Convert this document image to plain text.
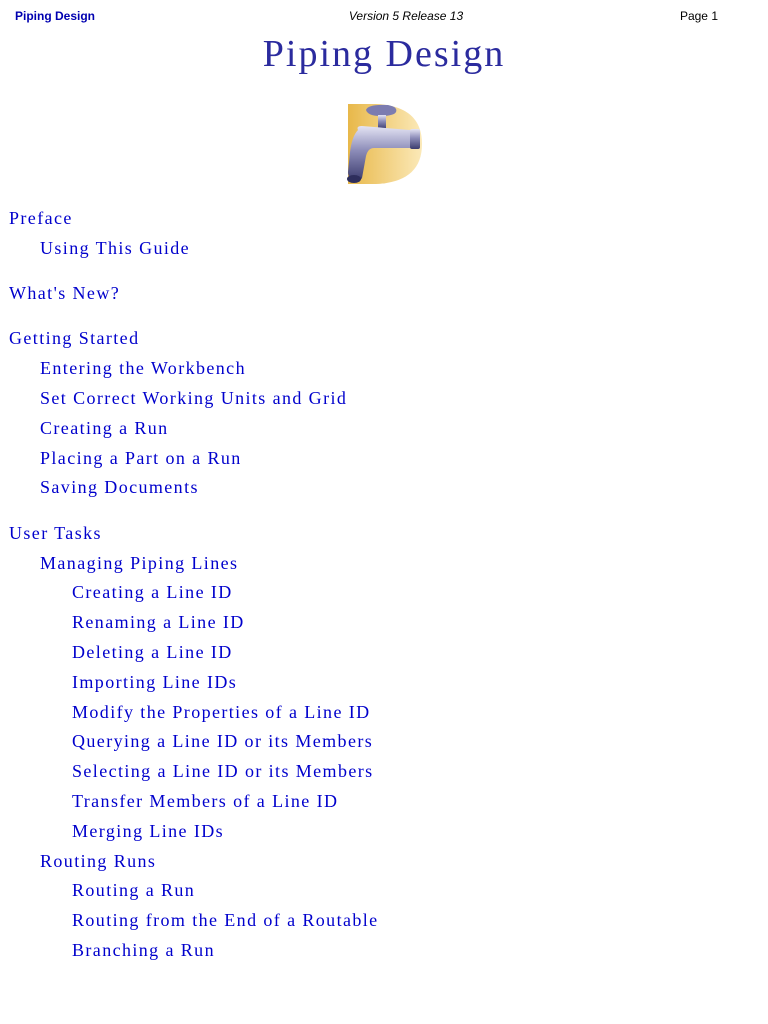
Piping Design	Version 5 Release 13	Page 1
Piping Design
Preface
Using This Guide
What's New?
Getting Started
Entering the Workbench
Set Correct Working Units and Grid
Creating a Run
Placing a Part on a Run
Saving Documents
User Tasks
Managing Piping Lines
Creating a Line ID
Renaming a Line ID
Deleting a Line ID
Importing Line IDs
Modify the Properties of a Line ID
Querying a Line ID or its Members
Selecting a Line ID or its Members
Transfer Members of a Line ID
Merging Line IDs
Routing Runs
Routing a Run
Routing from the End of a Routable
Branching a Run
